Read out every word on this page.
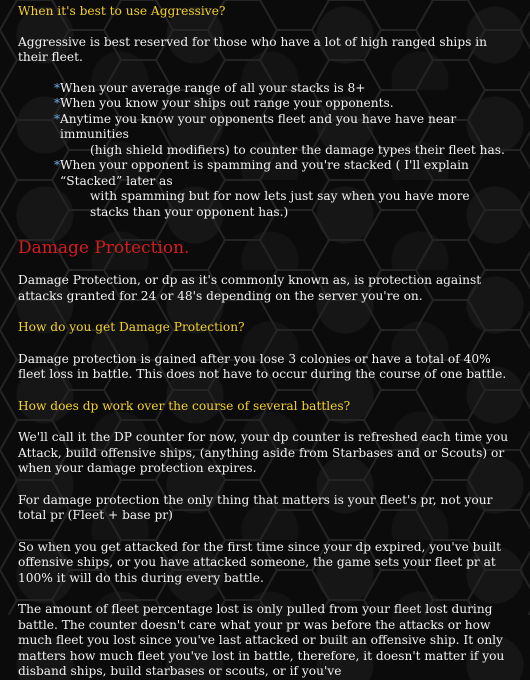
When it's best to use Aggressive?

Aggressive is best reserved for those who have a lot of high ranged ships in their fleet.

* When your average range of all your stacks is 8+
* When you know your ships out range your opponents.
* Anytime you know your opponents fleet and you have have near immunities
(high shield modifiers) to counter the damage types their fleet has.
* When your opponent is spamming and you're stacked ( I'll explain “Stacked” later as
with spamming but for now lets just say when you have more stacks than your opponent has.)

Damage Protection.

Damage Protection, or dp as it's commonly known as, is protection against attacks granted for 24 or 48's depending on the server you're on.

How do you get Damage Protection?

Damage protection is gained after you lose 3 colonies or have a total of 40% fleet loss in battle. This does not have to occur during the course of one battle.

How does dp work over the course of several battles?

We'll call it the DP counter for now, your dp counter is refreshed each time you Attack, build offensive ships, (anything aside from Starbases and or Scouts) or when your damage protection expires.

For damage protection the only thing that matters is your fleet's pr, not your total pr (Fleet + base pr)

So when you get attacked for the first time since your dp expired, you've built offensive ships, or you have attacked someone, the game sets your fleet pr at 100% it will do this during every battle.

The amount of fleet percentage lost is only pulled from your fleet lost during battle. The counter doesn't care what your pr was before the attacks or how much fleet you lost since you've last attacked or built an offensive ship. It only matters how much fleet you've lost in battle, therefore, it doesn't matter if you disband ships, build starbases or scouts, or if you've
